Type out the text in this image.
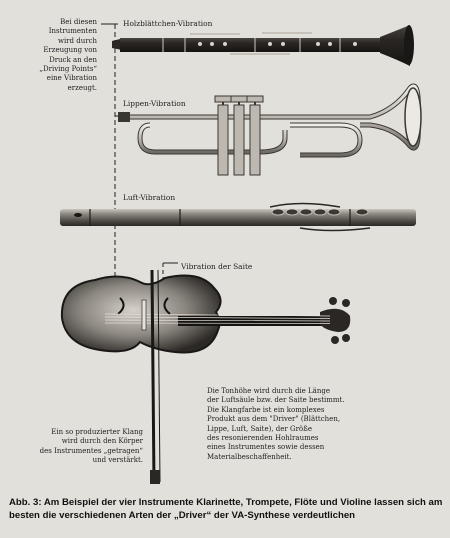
Bei diesen
Instrumenten
wird durch
Erzeugung von
Druck an den
„Driving Points“
eine Vibration
erzeugt.

Holzblättchen-Vibration

Lippen-Vibration

Luft-Vibration

Vibration der Saite

Ein so produzierter Klang
wird durch den Körper
des Instrumentes „getragen“
und verstärkt.

Die Tonhöhe wird durch die Länge
der Luftsäule bzw. der Saite bestimmt.
Die Klangfarbe ist ein komplexes
Produkt aus dem "Driver" (Blättchen,
Lippe, Luft, Saite), der Größe
des resonierenden Hohlraumes
eines Instrumentes sowie dessen
Materialbeschaffenheit.

Abb. 3: Am Beispiel der vier Instrumente Klarinette, Trompete, Flöte und Violine lassen sich am besten die verschiedenen Arten der „Driver“ der VA-Synthese verdeutlichen
